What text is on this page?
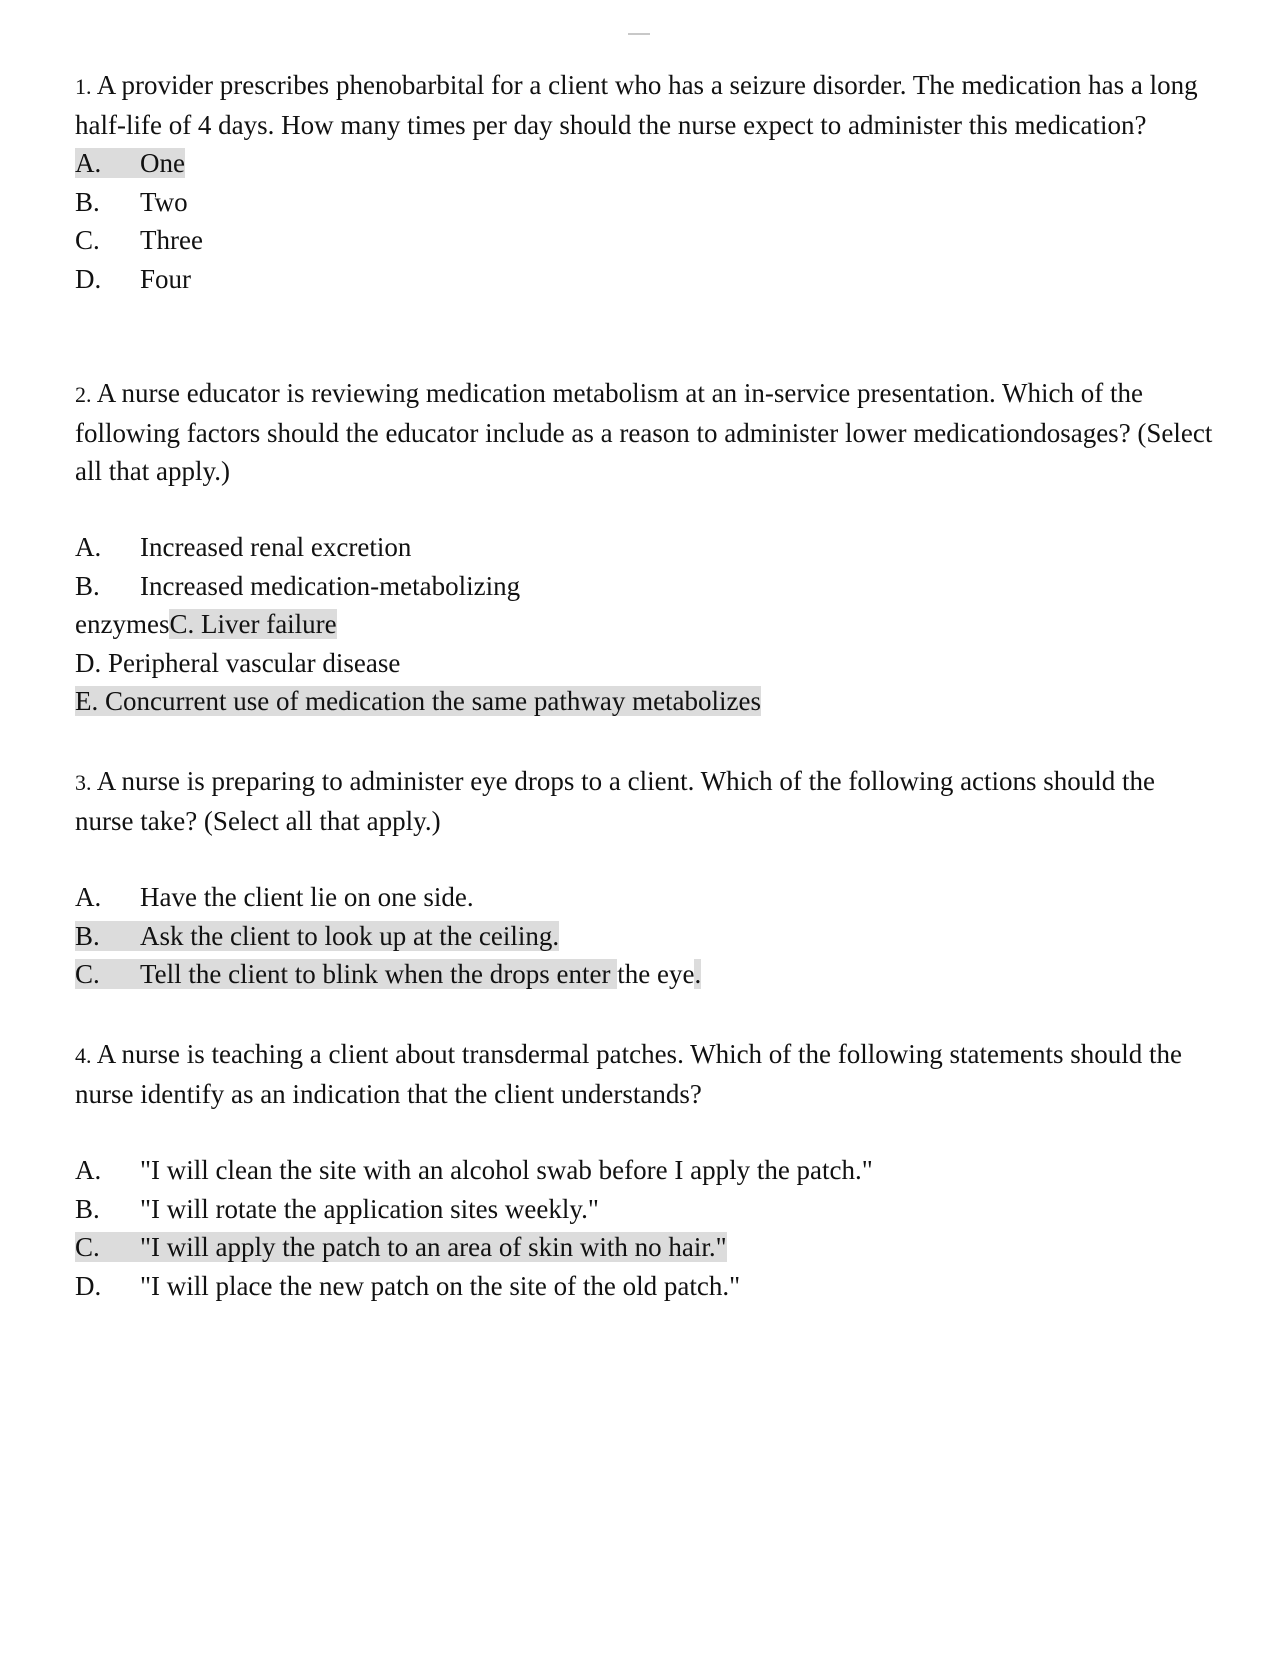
1. A provider prescribes phenobarbital for a client who has a seizure disorder. The medication has a long half-life of 4 days. How many times per day should the nurse expect to administer this medication?

A. One
B. Two
C. Three
D. Four

2. A nurse educator is reviewing medication metabolism at an in-service presentation. Which of the following factors should the educator include as a reason to administer lower medicationdosages? (Select all that apply.)

A. Increased renal excretion
B. Increased medication-metabolizing
enzymesC. Liver failure
D. Peripheral vascular disease
E. Concurrent use of medication the same pathway metabolizes

3. A nurse is preparing to administer eye drops to a client. Which of the following actions should the nurse take? (Select all that apply.)

A. Have the client lie on one side.
B. Ask the client to look up at the ceiling.
C. Tell the client to blink when the drops enter the eye.

4. A nurse is teaching a client about transdermal patches. Which of the following statements should the nurse identify as an indication that the client understands?

A. "I will clean the site with an alcohol swab before I apply the patch."
B. "I will rotate the application sites weekly."
C. "I will apply the patch to an area of skin with no hair."
D. "I will place the new patch on the site of the old patch."
